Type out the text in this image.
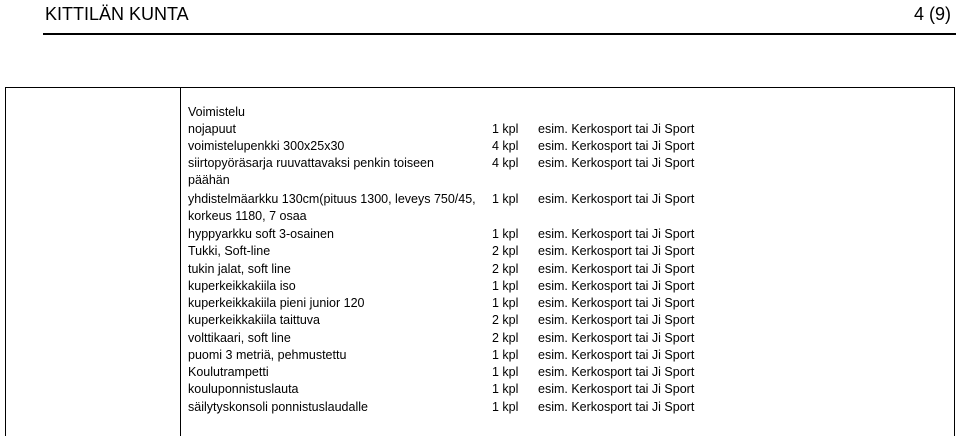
KITTILÄN KUNTA	4 (9)
Voimistelu
nojapuut	1 kpl esim. Kerkosport tai Ji Sport
voimistelupenkki 300x25x30	4 kpl esim. Kerkosport tai Ji Sport
siirtopyöräsarja ruuvattavaksi penkin toiseen päähän
4 kpl esim. Kerkosport tai Ji Sport
yhdistelmäarkku 130cm(pituus 1300, leveys 750/45, korkeus 1180, 7 osaa
1 kpl esim. Kerkosport tai Ji Sport
hyppyarkku soft 3-osainen	1 kpl esim. Kerkosport tai Ji Sport
Tukki, Soft-line	2 kpl esim. Kerkosport tai Ji Sport
tukin jalat, soft line	2 kpl esim. Kerkosport tai Ji Sport
kuperkeikkakiila iso	1 kpl esim. Kerkosport tai Ji Sport
kuperkeikkakiila pieni junior 120	1 kpl esim. Kerkosport tai Ji Sport
kuperkeikkakiila taittuva	2 kpl esim. Kerkosport tai Ji Sport
volttikaari, soft line	2 kpl esim. Kerkosport tai Ji Sport
puomi 3 metriä, pehmustettu	1 kpl esim. Kerkosport tai Ji Sport
Koulutrampetti	1 kpl esim. Kerkosport tai Ji Sport
kouluponnistuslauta	1 kpl esim. Kerkosport tai Ji Sport
säilytyskonsoli ponnistuslaudalle	1 kpl esim. Kerkosport tai Ji Sport
